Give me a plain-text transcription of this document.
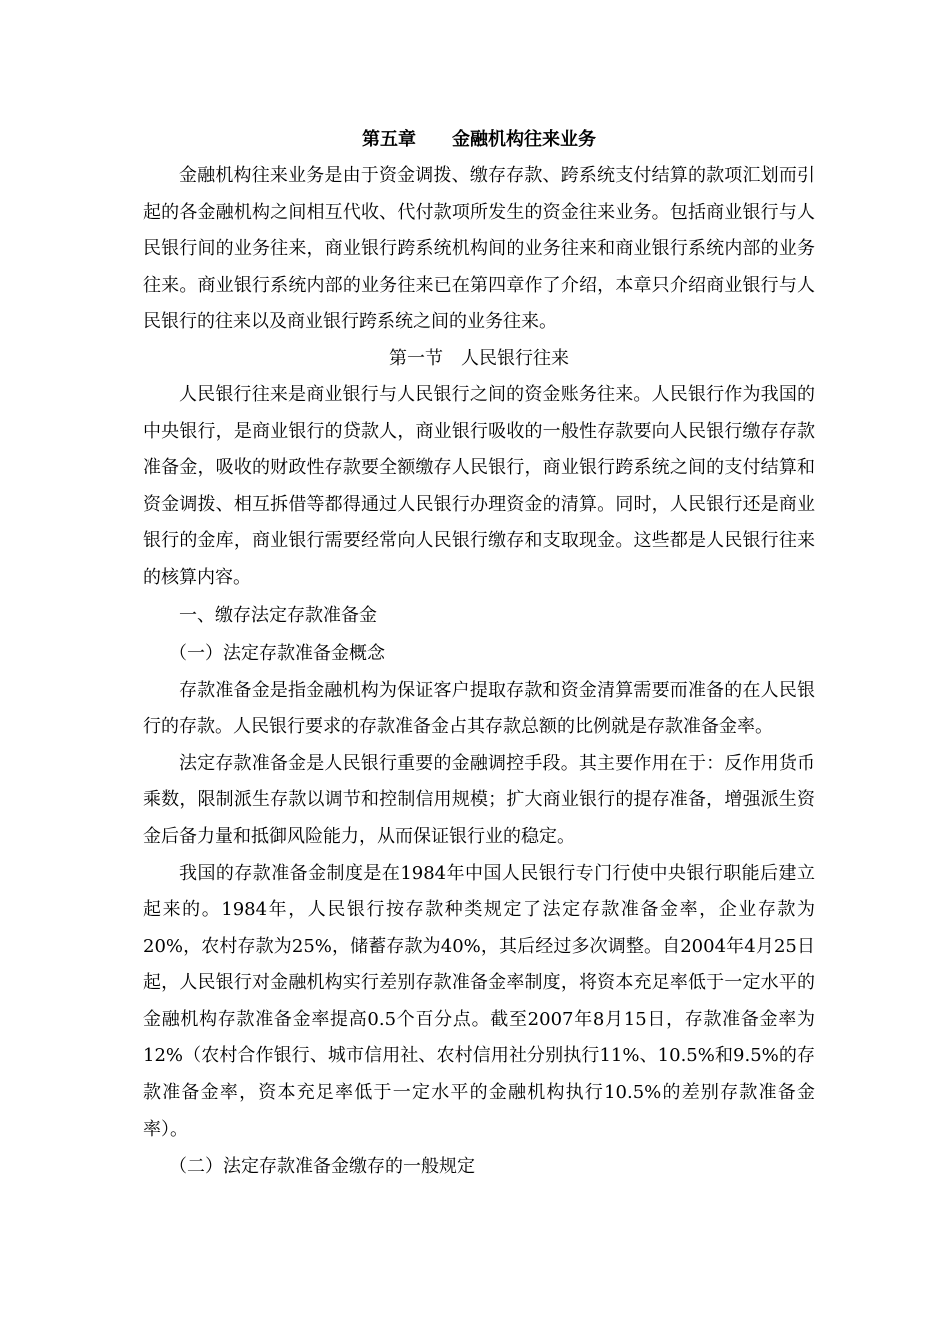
第五章　　金融机构往来业务

金融机构往来业务是由于资金调拨、缴存存款、跨系统支付结算的款项汇划而引起的各金融机构之间相互代收、代付款项所发生的资金往来业务。包括商业银行与人民银行间的业务往来，商业银行跨系统机构间的业务往来和商业银行系统内部的业务往来。商业银行系统内部的业务往来已在第四章作了介绍，本章只介绍商业银行与人民银行的往来以及商业银行跨系统之间的业务往来。

第一节　人民银行往来

人民银行往来是商业银行与人民银行之间的资金账务往来。人民银行作为我国的中央银行，是商业银行的贷款人，商业银行吸收的一般性存款要向人民银行缴存存款准备金，吸收的财政性存款要全额缴存人民银行，商业银行跨系统之间的支付结算和资金调拨、相互拆借等都得通过人民银行办理资金的清算。同时，人民银行还是商业银行的金库，商业银行需要经常向人民银行缴存和支取现金。这些都是人民银行往来的核算内容。

一、缴存法定存款准备金
（一）法定存款准备金概念

存款准备金是指金融机构为保证客户提取存款和资金清算需要而准备的在人民银行的存款。人民银行要求的存款准备金占其存款总额的比例就是存款准备金率。

法定存款准备金是人民银行重要的金融调控手段。其主要作用在于：反作用货币乘数，限制派生存款以调节和控制信用规模；扩大商业银行的提存准备，增强派生资金后备力量和抵御风险能力，从而保证银行业的稳定。

我国的存款准备金制度是在1984年中国人民银行专门行使中央银行职能后建立起来的。1984年，人民银行按存款种类规定了法定存款准备金率，企业存款为20%，农村存款为25%，储蓄存款为40%，其后经过多次调整。自2004年4月25日起，人民银行对金融机构实行差别存款准备金率制度，将资本充足率低于一定水平的金融机构存款准备金率提高0.5个百分点。截至2007年8月15日，存款准备金率为12%（农村合作银行、城市信用社、农村信用社分别执行11%、10.5%和9.5%的存款准备金率，资本充足率低于一定水平的金融机构执行10.5%的差别存款准备金率）。

（二）法定存款准备金缴存的一般规定
